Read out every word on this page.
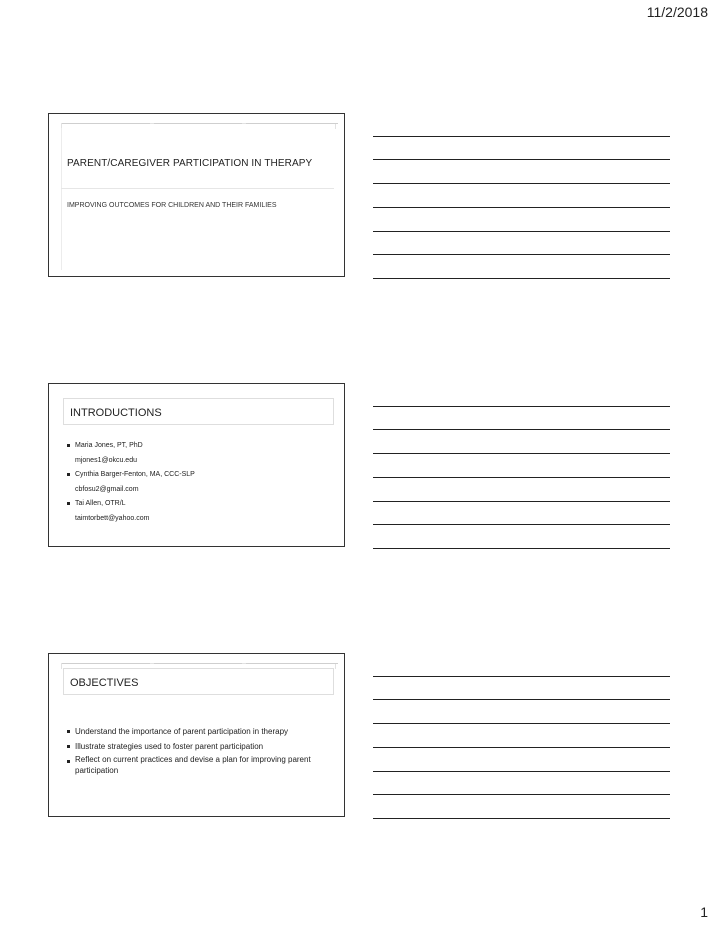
11/2/2018
PARENT/CAREGIVER PARTICIPATION IN THERAPY
IMPROVING OUTCOMES FOR CHILDREN AND THEIR FAMILIES
INTRODUCTIONS
Maria Jones, PT, PhD
mjones1@okcu.edu
Cynthia Barger-Fenton, MA, CCC-SLP
cbfosu2@gmail.com
Tai Allen, OTR/L
taimtorbett@yahoo.com
OBJECTIVES
Understand the importance of parent participation in therapy
Illustrate strategies used to foster parent participation
Reflect on current practices and devise a plan for improving parent participation
1
